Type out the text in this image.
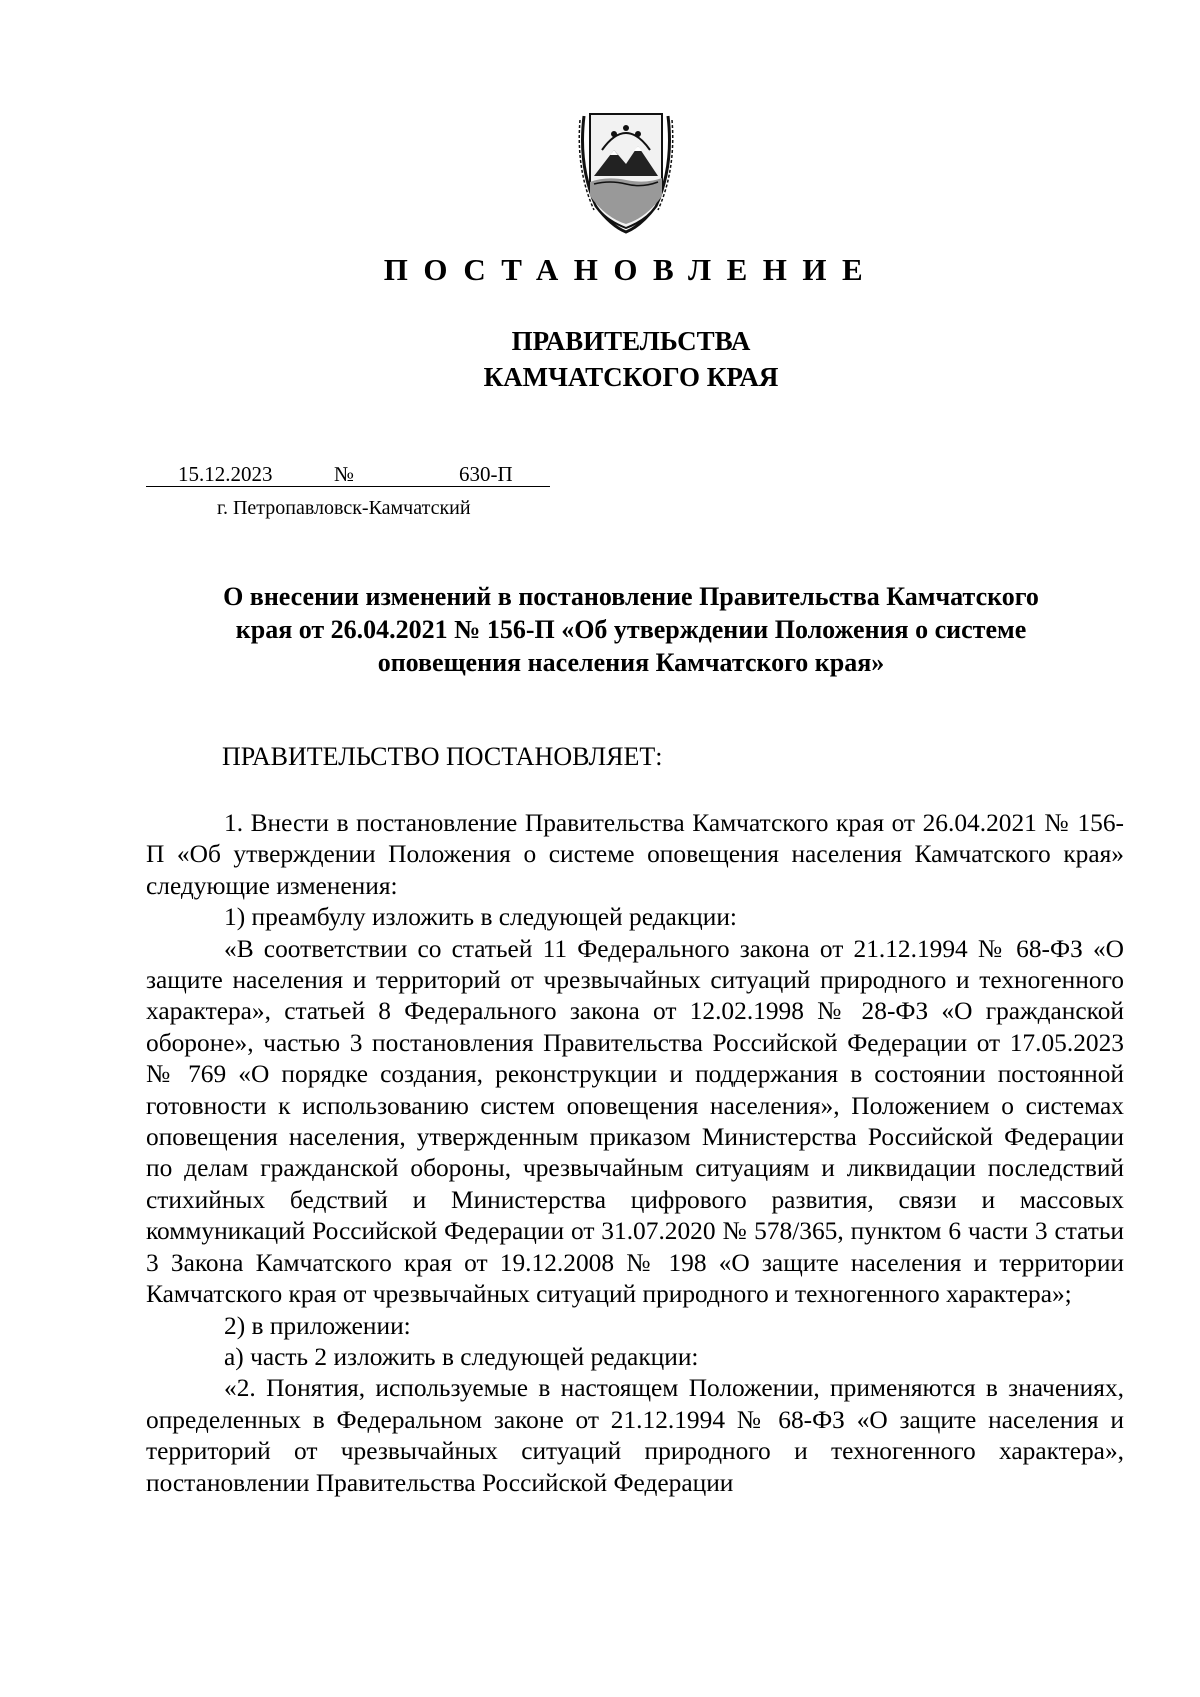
ПОСТАНОВЛЕНИЕ
ПРАВИТЕЛЬСТВА
КАМЧАТСКОГО КРАЯ
15.12.2023	№	630-П
г. Петропавловск-Камчатский
О внесении изменений в постановление Правительства Камчатского
края от 26.04.2021 № 156-П «Об утверждении Положения о системе
оповещения населения Камчатского края»
ПРАВИТЕЛЬСТВО ПОСТАНОВЛЯЕТ:

1. Внести в постановление Правительства Камчатского края от 26.04.2021 № 156-П «Об утверждении Положения о системе оповещения населения Камчатского края» следующие изменения:

1) преамбулу изложить в следующей редакции:

«В соответствии со статьей 11 Федерального закона от 21.12.1994 № 68-ФЗ «О защите населения и территорий от чрезвычайных ситуаций природного и техногенного характера», статьей 8 Федерального закона от 12.02.1998 № 28-ФЗ «О гражданской обороне», частью 3 постановления Правительства Российской Федерации от 17.05.2023 № 769 «О порядке создания, реконструкции и поддержания в состоянии постоянной готовности к использованию систем оповещения населения», Положением о системах оповещения населения, утвержденным приказом Министерства Российской Федерации по делам гражданской обороны, чрезвычайным ситуациям и ликвидации последствий стихийных бедствий и Министерства цифрового развития, связи и массовых коммуникаций Российской Федерации от 31.07.2020 № 578/365, пунктом 6 части 3 статьи 3 Закона Камчатского края от 19.12.2008 № 198 «О защите населения и территории Камчатского края от чрезвычайных ситуаций природного и техногенного характера»;

2) в приложении:

а) часть 2 изложить в следующей редакции:

«2. Понятия, используемые в настоящем Положении, применяются в значениях, определенных в Федеральном законе от 21.12.1994 № 68-ФЗ «О защите населения и территорий от чрезвычайных ситуаций природного и техногенного характера», постановлении Правительства Российской Федерации
